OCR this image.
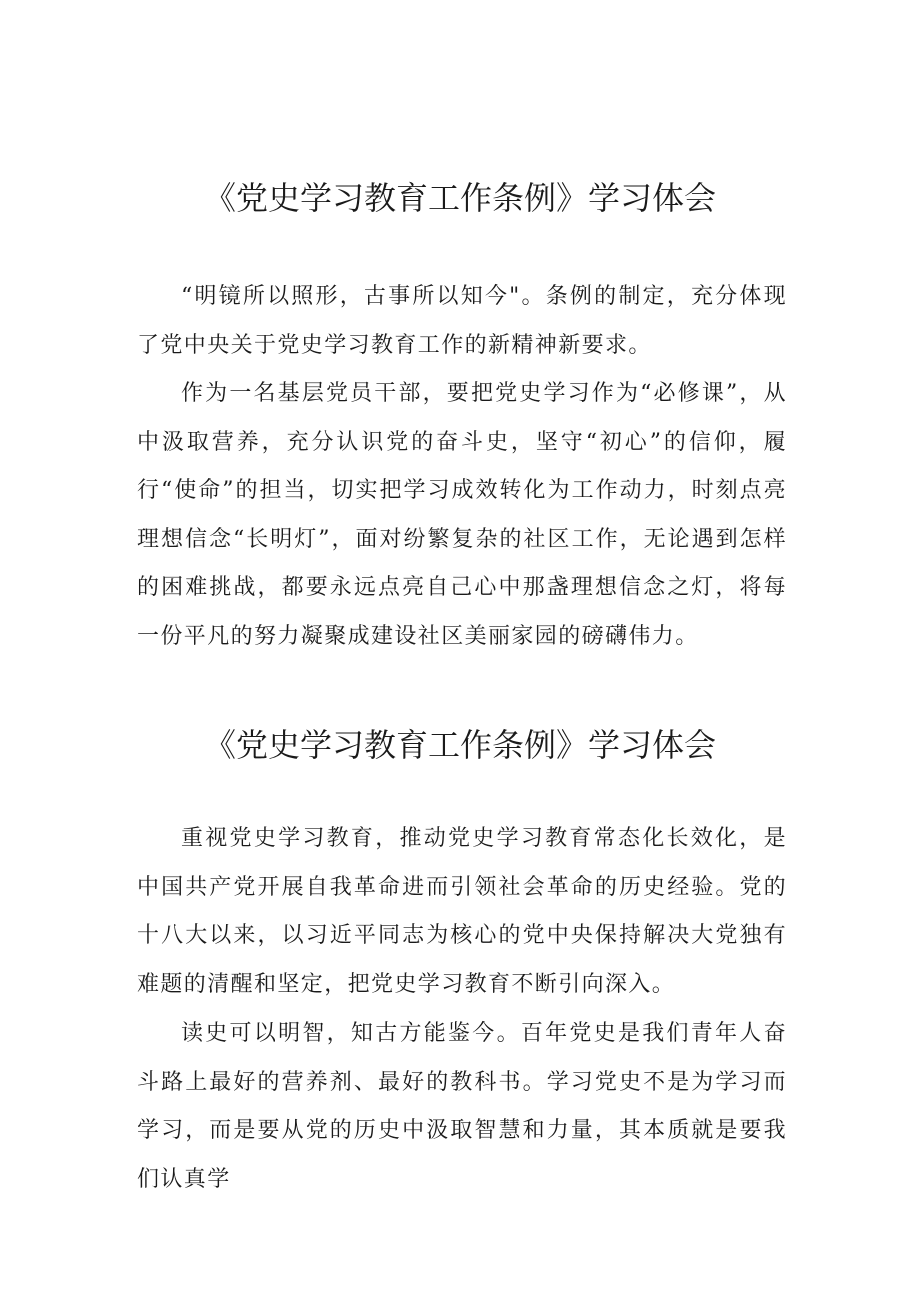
《党史学习教育工作条例》学习体会

“明镜所以照形，古事所以知今"。条例的制定，充分体现了党中央关于党史学习教育工作的新精神新要求。

作为一名基层党员干部，要把党史学习作为“必修课”，从中汲取营养，充分认识党的奋斗史，坚守“初心”的信仰，履行“使命”的担当，切实把学习成效转化为工作动力，时刻点亮理想信念“长明灯”，面对纷繁复杂的社区工作，无论遇到怎样的困难挑战，都要永远点亮自己心中那盏理想信念之灯，将每一份平凡的努力凝聚成建设社区美丽家园的磅礴伟力。

《党史学习教育工作条例》学习体会

重视党史学习教育，推动党史学习教育常态化长效化，是中国共产党开展自我革命进而引领社会革命的历史经验。党的十八大以来，以习近平同志为核心的党中央保持解决大党独有难题的清醒和坚定，把党史学习教育不断引向深入。

读史可以明智，知古方能鉴今。百年党史是我们青年人奋斗路上最好的营养剂、最好的教科书。学习党史不是为学习而学习，而是要从党的历史中汲取智慧和力量，其本质就是要我们认真学
